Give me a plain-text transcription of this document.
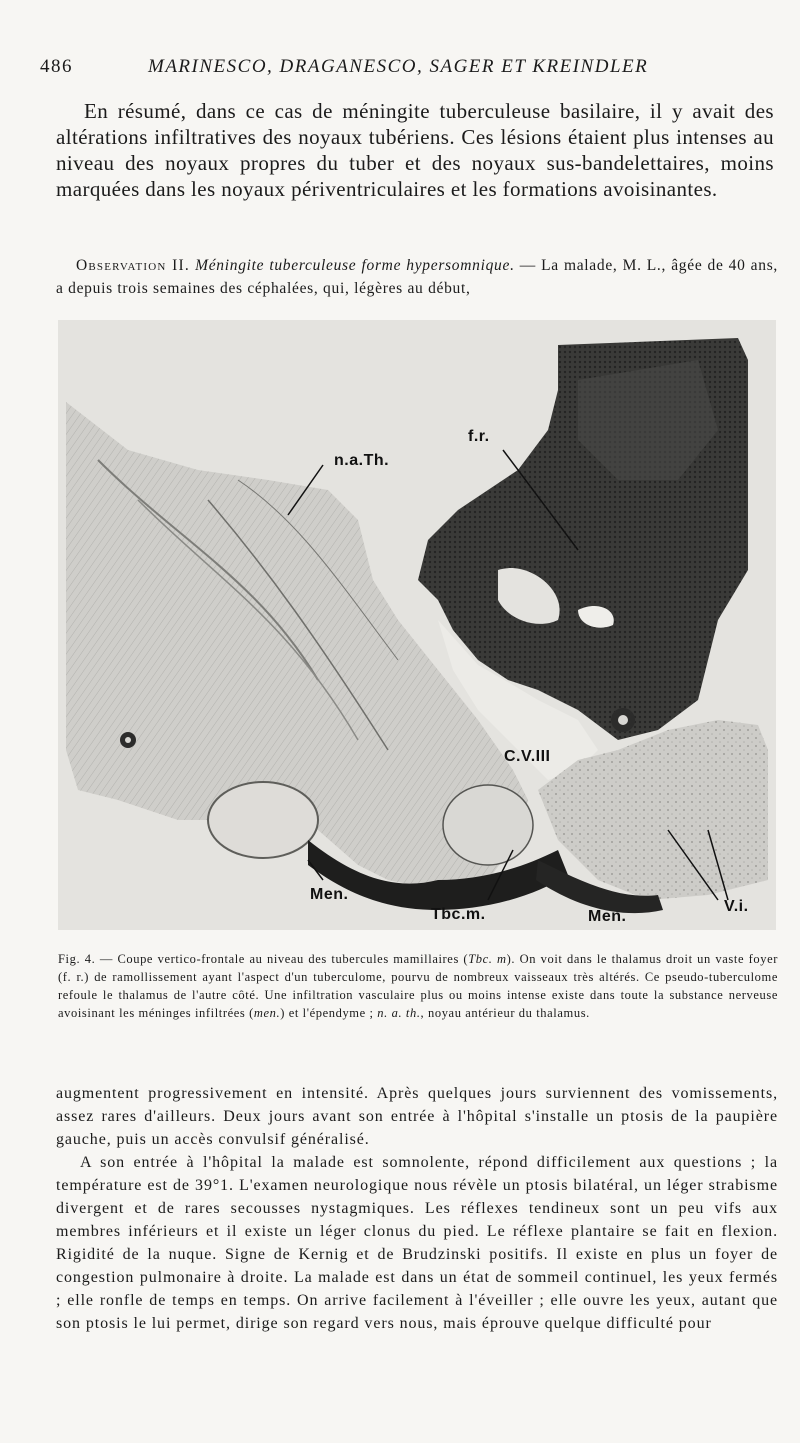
486	MARINESCO, DRAGANESCO, SAGER ET KREINDLER
En résumé, dans ce cas de méningite tuberculeuse basilaire, il y avait des altérations infiltratives des noyaux tubériens. Ces lésions étaient plus intenses au niveau des noyaux propres du tuber et des noyaux sus-bandelettaires, moins marquées dans les noyaux périventriculaires et les formations avoisinantes.
Observation II. Méningite tuberculeuse forme hypersomnique. — La malade, M. L., âgée de 40 ans, a depuis trois semaines des céphalées, qui, légères au début,
n.a.Th.
f.r.
C.V.III
Men.
Tbc.m.	Men.
V.i.
Fig. 4. — Coupe vertico-frontale au niveau des tubercules mamillaires (Tbc. m). On voit dans le thalamus droit un vaste foyer (f. r.) de ramollissement ayant l'aspect d'un tuberculome, pourvu de nombreux vaisseaux très altérés. Ce pseudo-tuberculome refoule le thalamus de l'autre côté. Une infiltration vasculaire plus ou moins intense existe dans toute la substance nerveuse avoisinant les méninges infiltrées (men.) et l'épendyme ; n. a. th., noyau antérieur du thalamus.

augmentent progressivement en intensité. Après quelques jours surviennent des vomissements, assez rares d'ailleurs. Deux jours avant son entrée à l'hôpital s'installe un ptosis de la paupière gauche, puis un accès convulsif généralisé.

A son entrée à l'hôpital la malade est somnolente, répond difficilement aux questions ; la température est de 39°1. L'examen neurologique nous révèle un ptosis bilatéral, un léger strabisme divergent et de rares secousses nystagmiques. Les réflexes tendineux sont un peu vifs aux membres inférieurs et il existe un léger clonus du pied. Le réflexe plantaire se fait en flexion. Rigidité de la nuque. Signe de Kernig et de Brudzinski positifs. Il existe en plus un foyer de congestion pulmonaire à droite. La malade est dans un état de sommeil continuel, les yeux fermés ; elle ronfle de temps en temps. On arrive facilement à l'éveiller ; elle ouvre les yeux, autant que son ptosis le lui permet, dirige son regard vers nous, mais éprouve quelque difficulté pour
